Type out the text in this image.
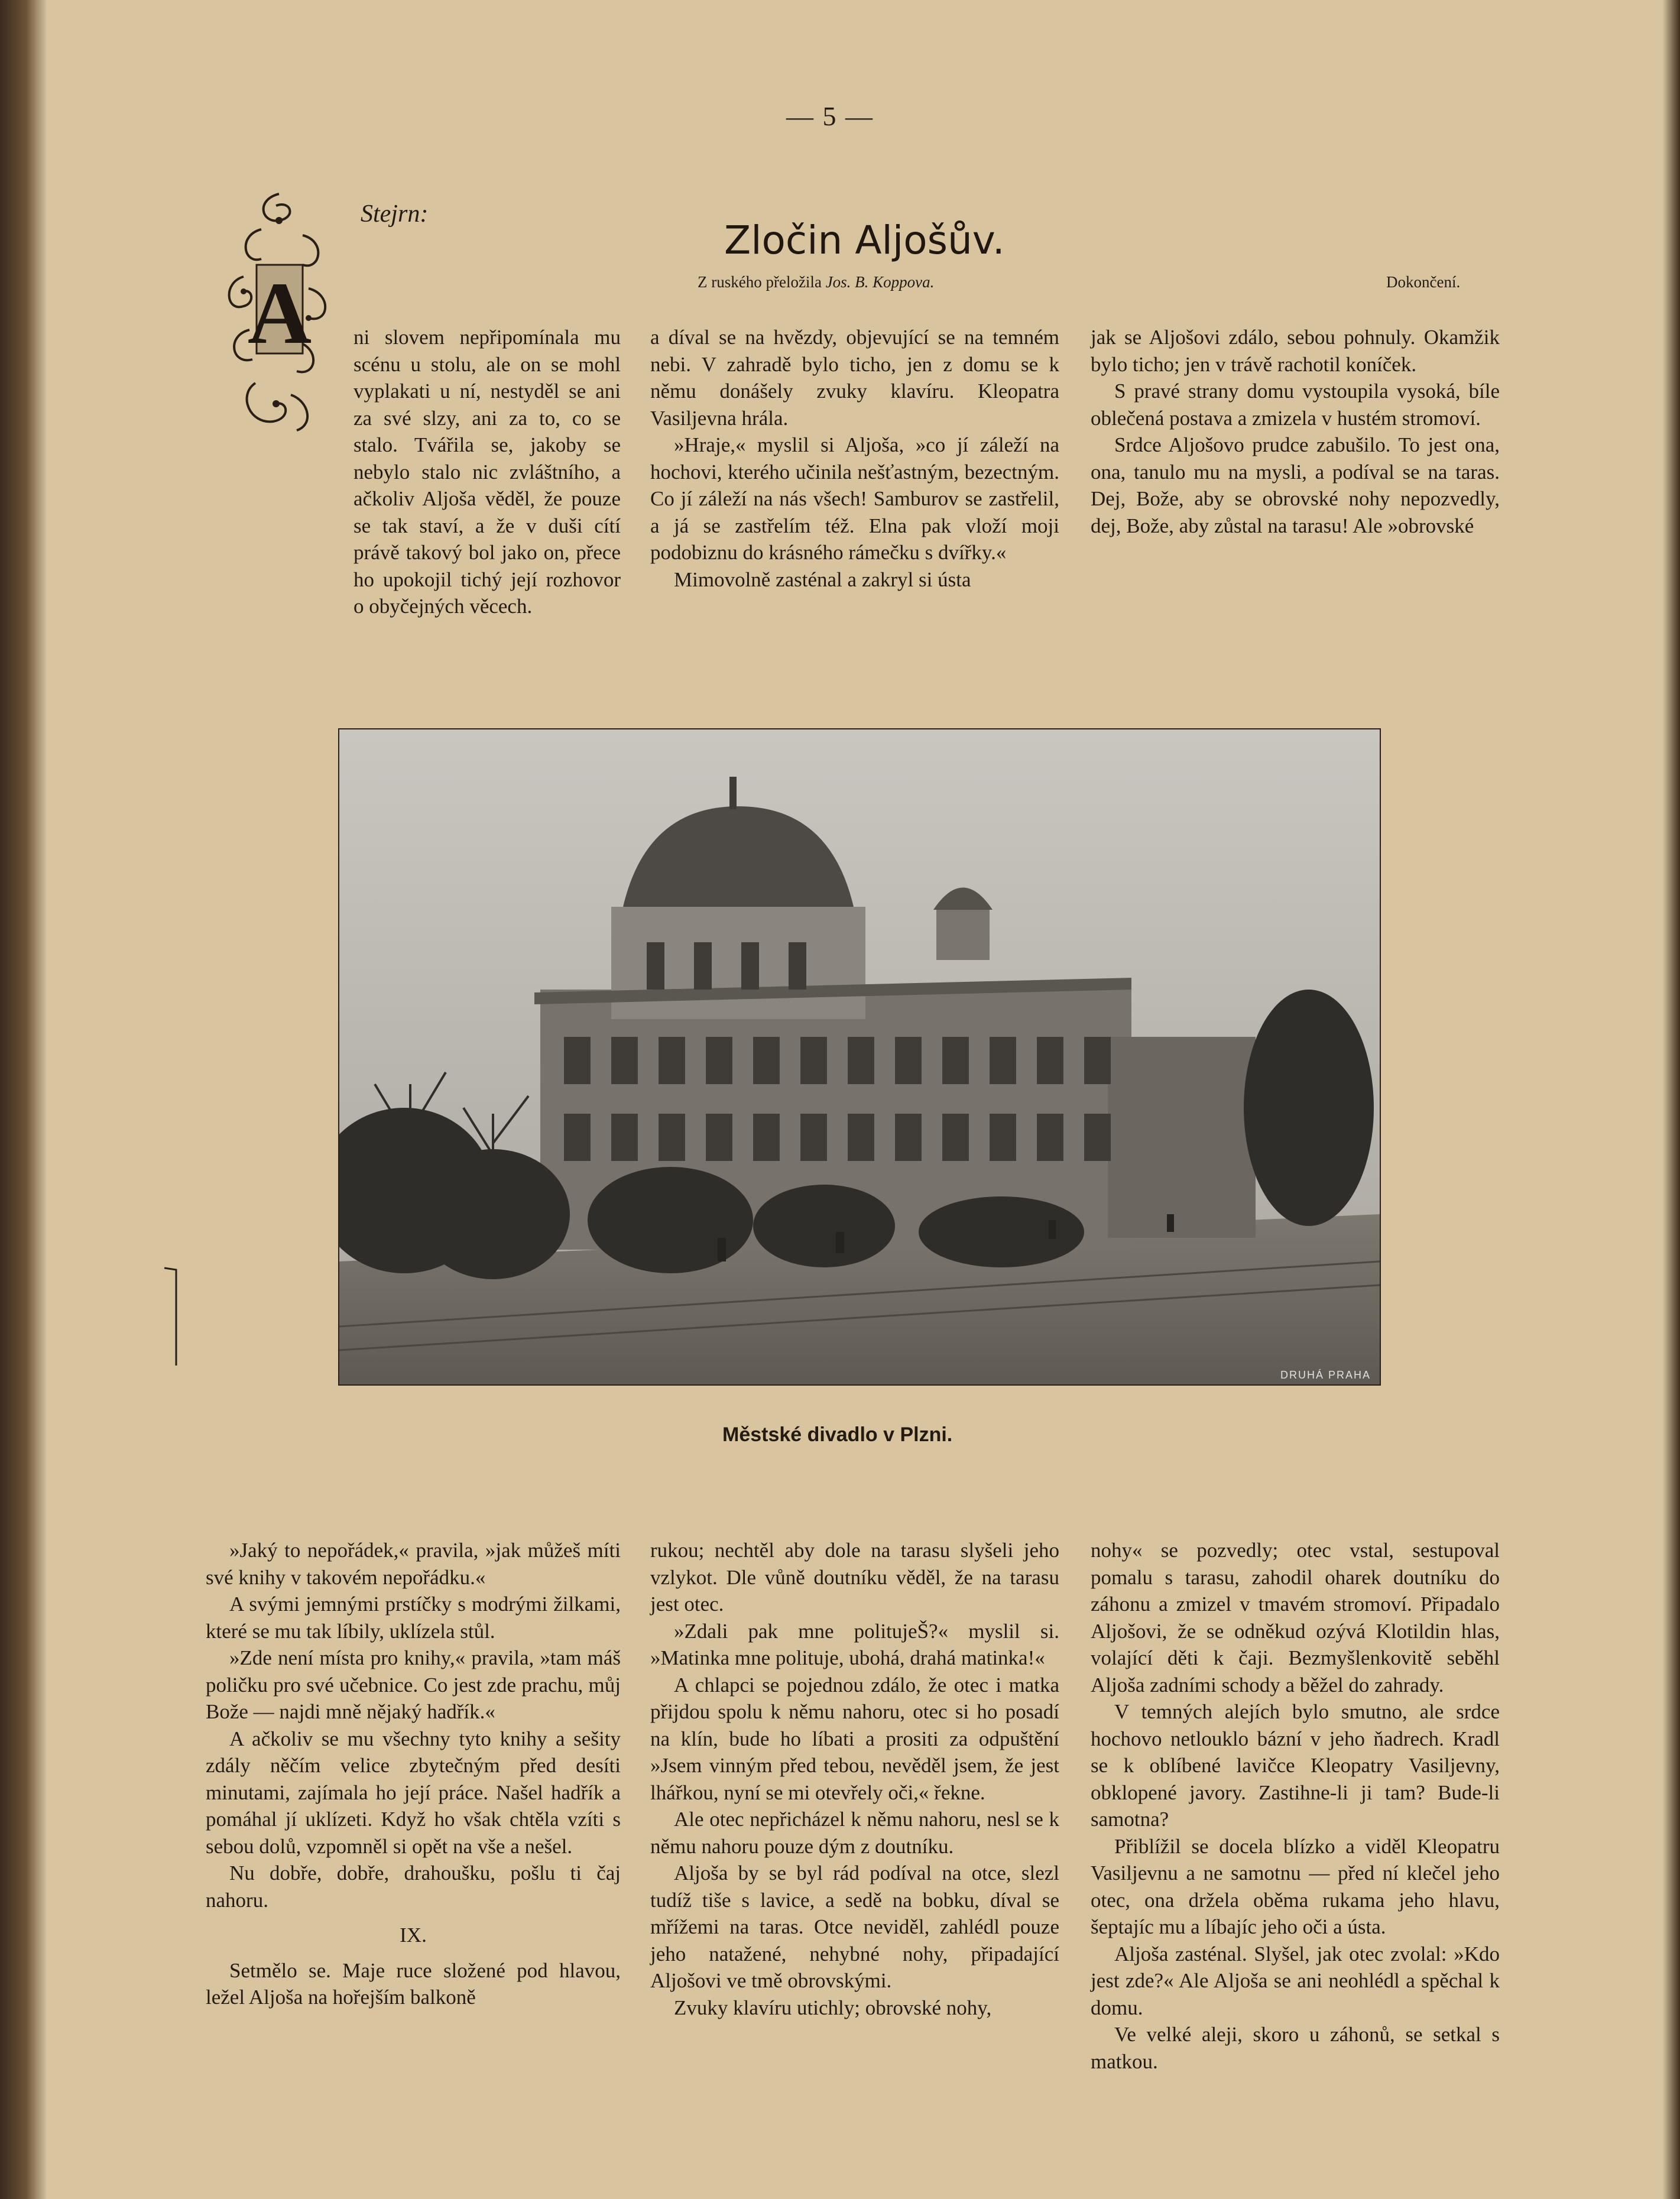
— 5 —
Stejrn:
Zločin Aljošův.
Z ruského přeložila Jos. B. Koppova.	Dokončení.
A ni slovem nepřipomínala mu scénu u stolu, ale on se mohl vyplakati u ní, nestyděl se ani za své slzy, ani za to, co se stalo. Tvářila se, jakoby se nebylo stalo nic zvláštního, a ačkoliv Aljoša věděl, že pouze se tak staví, a že v duši cítí právě takový bol jako on, přece ho upokojil tichý její rozhovor o obyčejných věcech.

a díval se na hvězdy, objevující se na temném nebi. V zahradě bylo ticho, jen z domu se k němu donášely zvuky klavíru. Kleopatra Vasiljevna hrála.

»Hraje,« myslil si Aljoša, »co jí záleží na hochovi, kterého učinila nešťastným, bezectným. Co jí záleží na nás všech! Samburov se zastřelil, a já se zastřelím též. Elna pak vloží moji podobiznu do krásného rámečku s dvířky.«

Mimovolně zasténal a zakryl si ústa

jak se Aljošovi zdálo, sebou pohnuly. Okamžik bylo ticho; jen v trávě rachotil koníček.

S pravé strany domu vystoupila vysoká, bíle oblečená postava a zmizela v hustém stromoví.

Srdce Aljošovo prudce zabušilo. To jest ona, ona, tanulo mu na mysli, a podíval se na taras. Dej, Bože, aby se obrovské nohy nepozvedly, dej, Bože, aby zůstal na tarasu! Ale »obrovské

DRUHÁ PRAHA
Městské divadlo v Plzni.

»Jaký to nepořádek,« pravila, »jak můžeš míti své knihy v takovém nepořádku.«

A svými jemnými prstíčky s modrými žilkami, které se mu tak líbily, uklízela stůl.

»Zde není místa pro knihy,« pravila, »tam máš poličku pro své učebnice. Co jest zde prachu, můj Bože — najdi mně nějaký hadřík.«

A ačkoliv se mu všechny tyto knihy a sešity zdály něčím velice zbytečným před desíti minutami, zajímala ho její práce. Našel hadřík a pomáhal jí uklízeti. Když ho však chtěla vzíti s sebou dolů, vzpomněl si opět na vše a nešel.

Nu dobře, dobře, drahoušku, pošlu ti čaj nahoru.

IX.

Setmělo se. Maje ruce složené pod hlavou, ležel Aljoša na hořejším balkoně

rukou; nechtěl aby dole na tarasu slyšeli jeho vzlykot. Dle vůně doutníku věděl, že na tarasu jest otec.

»Zdali pak mne politujeŠ?« myslil si. »Matinka mne polituje, ubohá, drahá matinka!«

A chlapci se pojednou zdálo, že otec i matka přijdou spolu k němu nahoru, otec si ho posadí na klín, bude ho líbati a prositi za odpuštění »Jsem vinným před tebou, nevěděl jsem, že jest lhářkou, nyní se mi otevřely oči,« řekne.

Ale otec nepřicházel k němu nahoru, nesl se k němu nahoru pouze dým z doutníku.

Aljoša by se byl rád podíval na otce, slezl tudíž tiše s lavice, a sedě na bobku, díval se mřížemi na taras. Otce neviděl, zahlédl pouze jeho natažené, nehybné nohy, připadající Aljošovi ve tmě obrovskými.

Zvuky klavíru utichly; obrovské nohy,

nohy« se pozvedly; otec vstal, sestupoval pomalu s tarasu, zahodil oharek doutníku do záhonu a zmizel v tmavém stromoví. Připadalo Aljošovi, že se odněkud ozývá Klotildin hlas, volající děti k čaji. Bezmyšlenkovitě seběhl Aljoša zadními schody a běžel do zahrady.

V temných alejích bylo smutno, ale srdce hochovo netlouklo bázní v jeho ňadrech. Kradl se k oblíbené lavičce Kleopatry Vasiljevny, obklopené javory. Zastihne-li ji tam? Bude-li samotna?

Přiblížil se docela blízko a viděl Kleopatru Vasiljevnu a ne samotnu — před ní klečel jeho otec, ona držela oběma rukama jeho hlavu, šeptajíc mu a líbajíc jeho oči a ústa.

Aljoša zasténal. Slyšel, jak otec zvolal: »Kdo jest zde?« Ale Aljoša se ani neohlédl a spěchal k domu.

Ve velké aleji, skoro u záhonů, se setkal s matkou.
